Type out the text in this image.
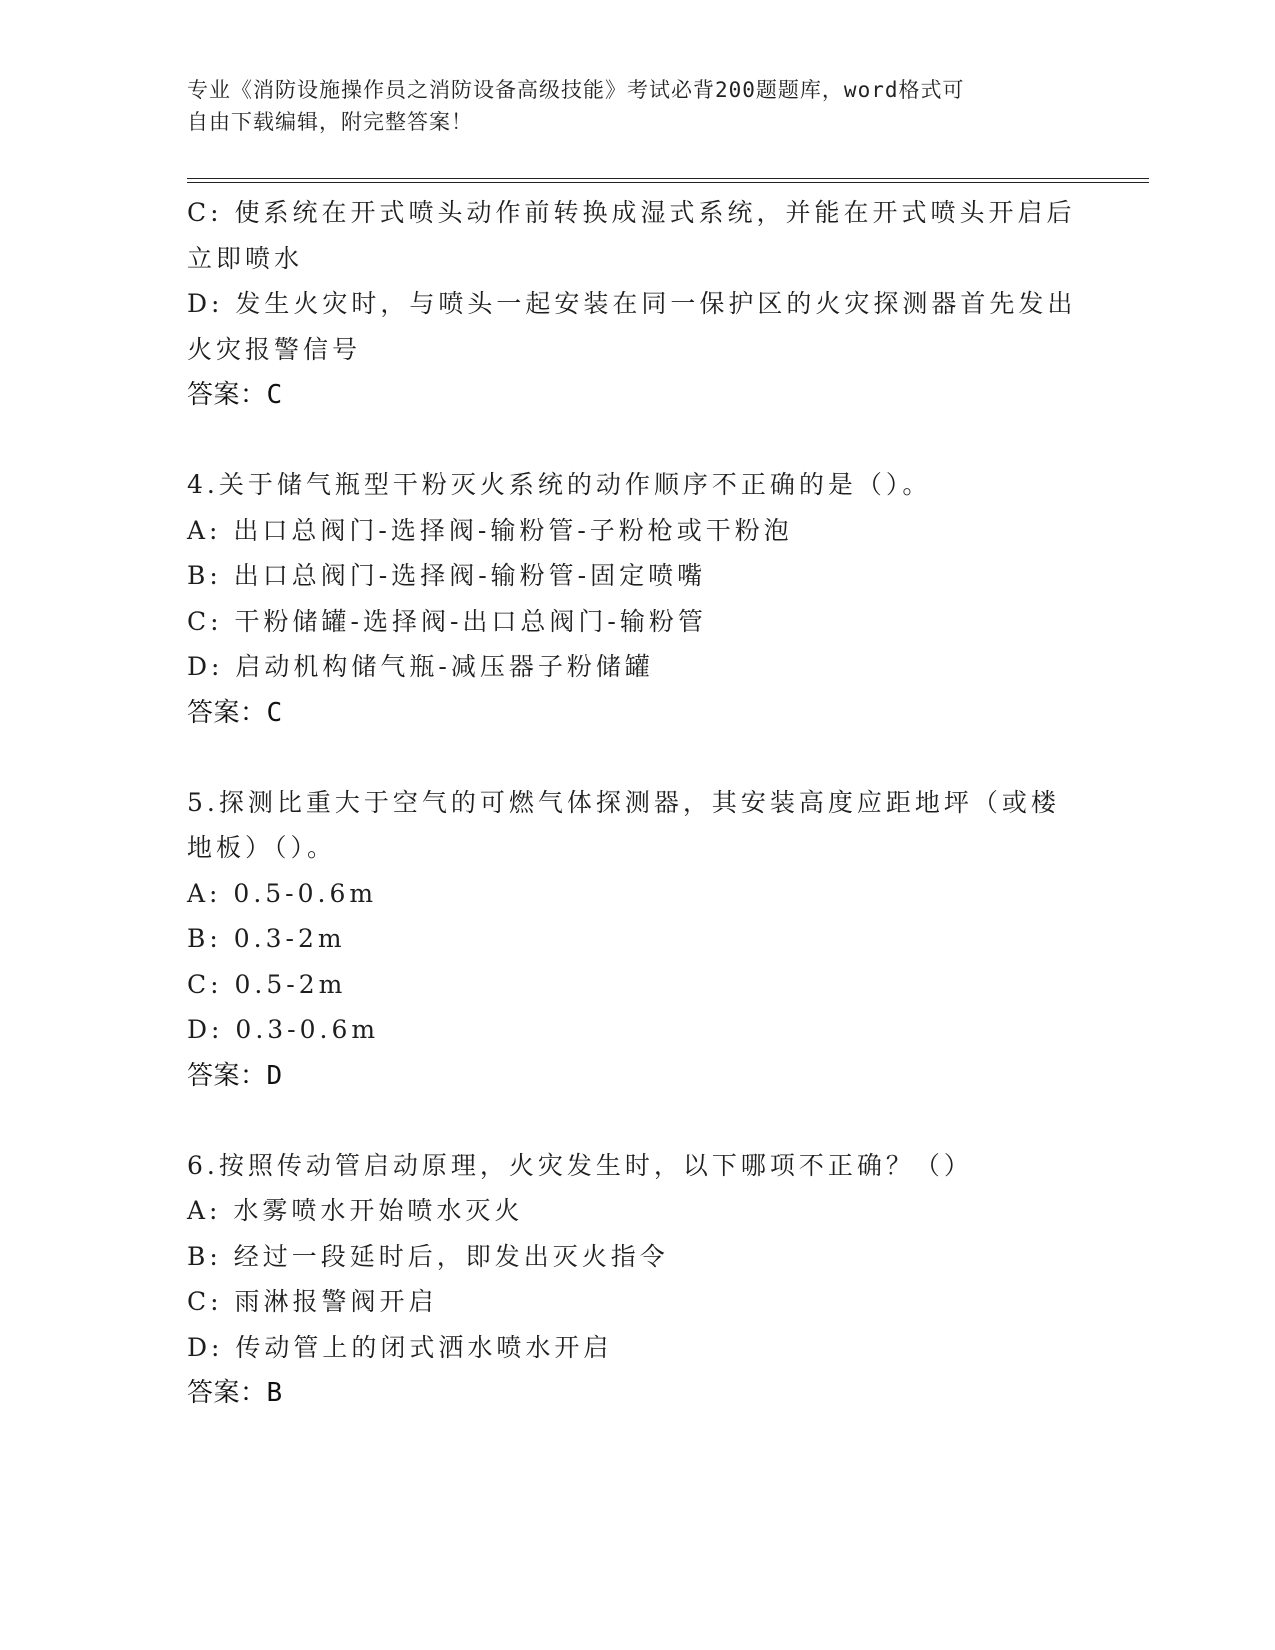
专业《消防设施操作员之消防设备高级技能》考试必背200题题库，word格式可
自由下载编辑，附完整答案！
C: 使系统在开式喷头动作前转换成湿式系统，并能在开式喷头开启后
立即喷水
D: 发生火灾时，与喷头一起安装在同一保护区的火灾探测器首先发出
火灾报警信号
答案：C
4.关于储气瓶型干粉灭火系统的动作顺序不正确的是（）。
A: 出口总阀门-选择阀-输粉管-子粉枪或干粉泡
B: 出口总阀门-选择阀-输粉管-固定喷嘴
C: 干粉储罐-选择阀-出口总阀门-输粉管
D: 启动机构储气瓶-减压器子粉储罐
答案：C
5.探测比重大于空气的可燃气体探测器，其安装高度应距地坪（或楼
地板）（）。
A: 0.5-0.6m
B: 0.3-2m
C: 0.5-2m
D: 0.3-0.6m
答案：D
6.按照传动管启动原理，火灾发生时，以下哪项不正确？（）
A: 水雾喷水开始喷水灭火
B: 经过一段延时后，即发出灭火指令
C: 雨淋报警阀开启
D: 传动管上的闭式洒水喷水开启
答案：B
